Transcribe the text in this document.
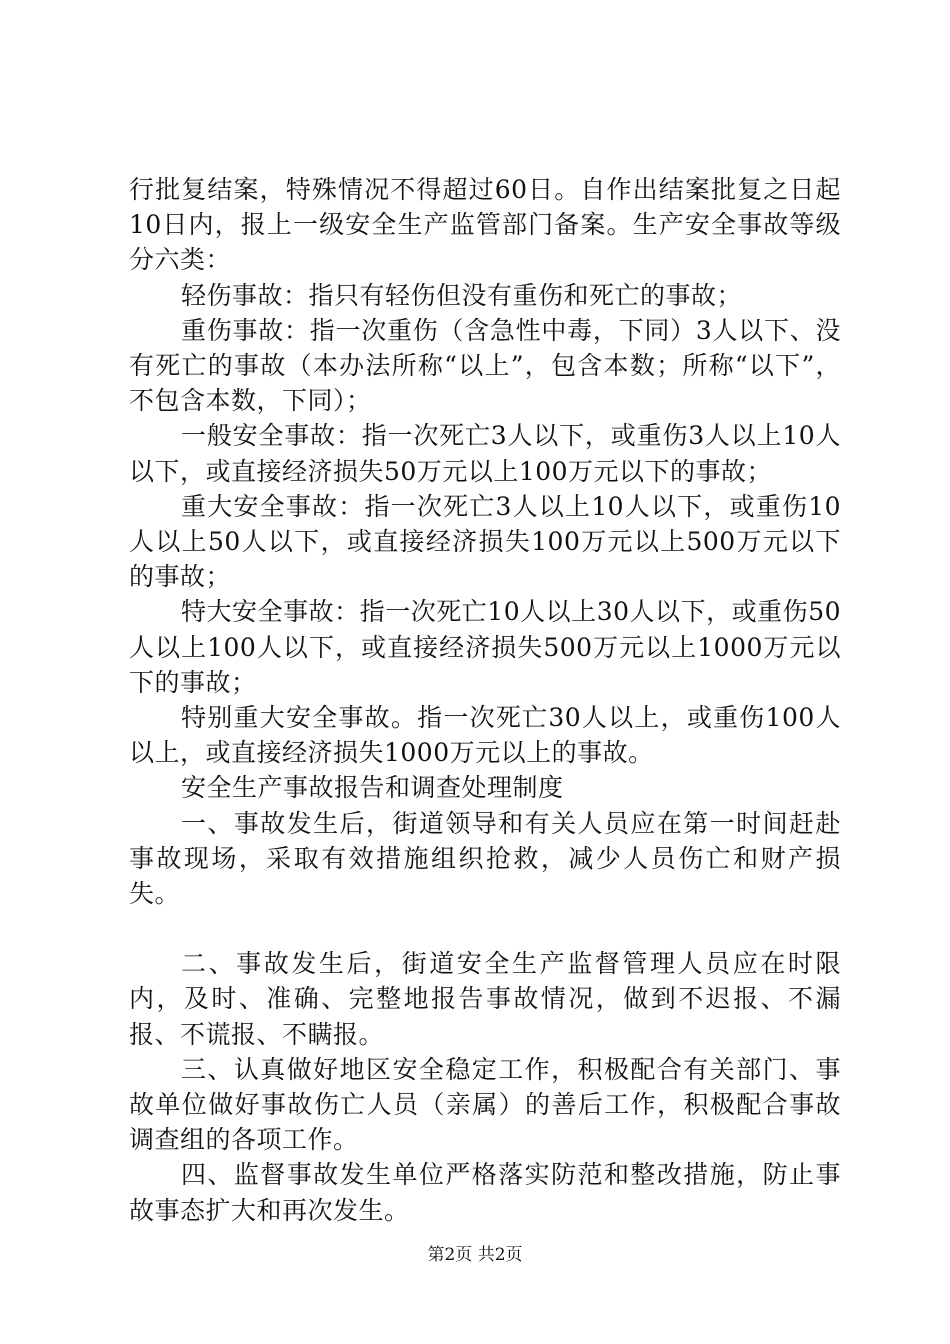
行批复结案，特殊情况不得超过60日。自作出结案批复之日起10日内，报上一级安全生产监管部门备案。生产安全事故等级分六类：

轻伤事故：指只有轻伤但没有重伤和死亡的事故；

重伤事故：指一次重伤（含急性中毒，下同）3人以下、没有死亡的事故（本办法所称“以上”，包含本数；所称“以下”，不包含本数，下同）；

一般安全事故：指一次死亡3人以下，或重伤3人以上10人以下，或直接经济损失50万元以上100万元以下的事故；

重大安全事故：指一次死亡3人以上10人以下，或重伤10人以上50人以下，或直接经济损失100万元以上500万元以下的事故；

特大安全事故：指一次死亡10人以上30人以下，或重伤50人以上100人以下，或直接经济损失500万元以上1000万元以下的事故；

特别重大安全事故。指一次死亡30人以上，或重伤100人以上，或直接经济损失1000万元以上的事故。

安全生产事故报告和调查处理制度

一、事故发生后，街道领导和有关人员应在第一时间赶赴事故现场，采取有效措施组织抢救，减少人员伤亡和财产损失。

二、事故发生后，街道安全生产监督管理人员应在时限内，及时、准确、完整地报告事故情况，做到不迟报、不漏报、不谎报、不瞒报。

三、认真做好地区安全稳定工作，积极配合有关部门、事故单位做好事故伤亡人员（亲属）的善后工作，积极配合事故调查组的各项工作。

四、监督事故发生单位严格落实防范和整改措施，防止事故事态扩大和再次发生。

第2页 共2页
